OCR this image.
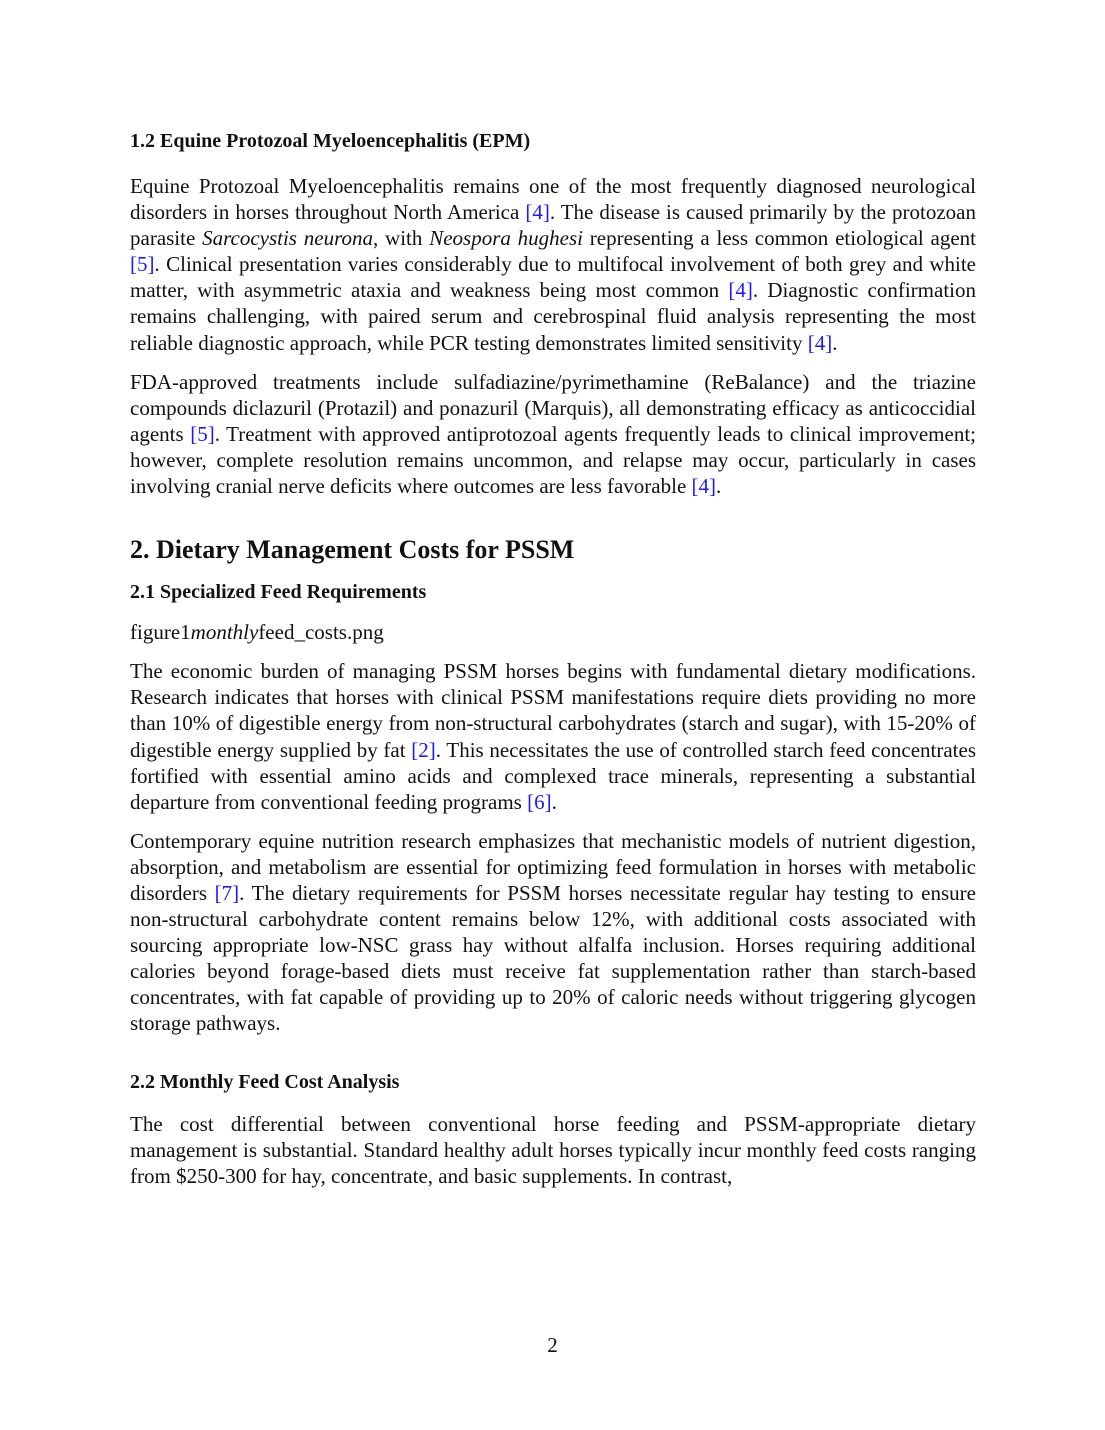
1.2 Equine Protozoal Myeloencephalitis (EPM)

Equine Protozoal Myeloencephalitis remains one of the most frequently diagnosed neurological disorders in horses throughout North America [4]. The disease is caused primarily by the protozoan parasite Sarcocystis neurona, with Neospora hughesi representing a less common etiological agent [5]. Clinical presentation varies considerably due to multifocal involvement of both grey and white matter, with asymmetric ataxia and weakness being most common [4]. Diagnostic confirmation remains challenging, with paired serum and cerebrospinal fluid analysis representing the most reliable diagnostic approach, while PCR testing demonstrates limited sensitivity [4].

FDA-approved treatments include sulfadiazine/pyrimethamine (ReBalance) and the triazine compounds diclazuril (Protazil) and ponazuril (Marquis), all demonstrating efficacy as anticoccidial agents [5]. Treatment with approved antiprotozoal agents frequently leads to clinical improvement; however, complete resolution remains uncommon, and relapse may occur, particularly in cases involving cranial nerve deficits where outcomes are less favorable [4].

2. Dietary Management Costs for PSSM
2.1 Specialized Feed Requirements

figure1monthlyfeed_costs.png

The economic burden of managing PSSM horses begins with fundamental dietary modifications. Research indicates that horses with clinical PSSM manifestations require diets providing no more than 10% of digestible energy from non-structural carbohydrates (starch and sugar), with 15-20% of digestible energy supplied by fat [2]. This necessitates the use of controlled starch feed concentrates fortified with essential amino acids and complexed trace minerals, representing a substantial departure from conventional feeding programs [6].

Contemporary equine nutrition research emphasizes that mechanistic models of nutrient digestion, absorption, and metabolism are essential for optimizing feed formulation in horses with metabolic disorders [7]. The dietary requirements for PSSM horses necessitate regular hay testing to ensure non-structural carbohydrate content remains below 12%, with additional costs associated with sourcing appropriate low-NSC grass hay without alfalfa inclusion. Horses requiring additional calories beyond forage-based diets must receive fat supplementation rather than starch-based concentrates, with fat capable of providing up to 20% of caloric needs without triggering glycogen storage pathways.

2.2 Monthly Feed Cost Analysis

The cost differential between conventional horse feeding and PSSM-appropriate dietary management is substantial. Standard healthy adult horses typically incur monthly feed costs ranging from $250-300 for hay, concentrate, and basic supplements. In contrast,

2
